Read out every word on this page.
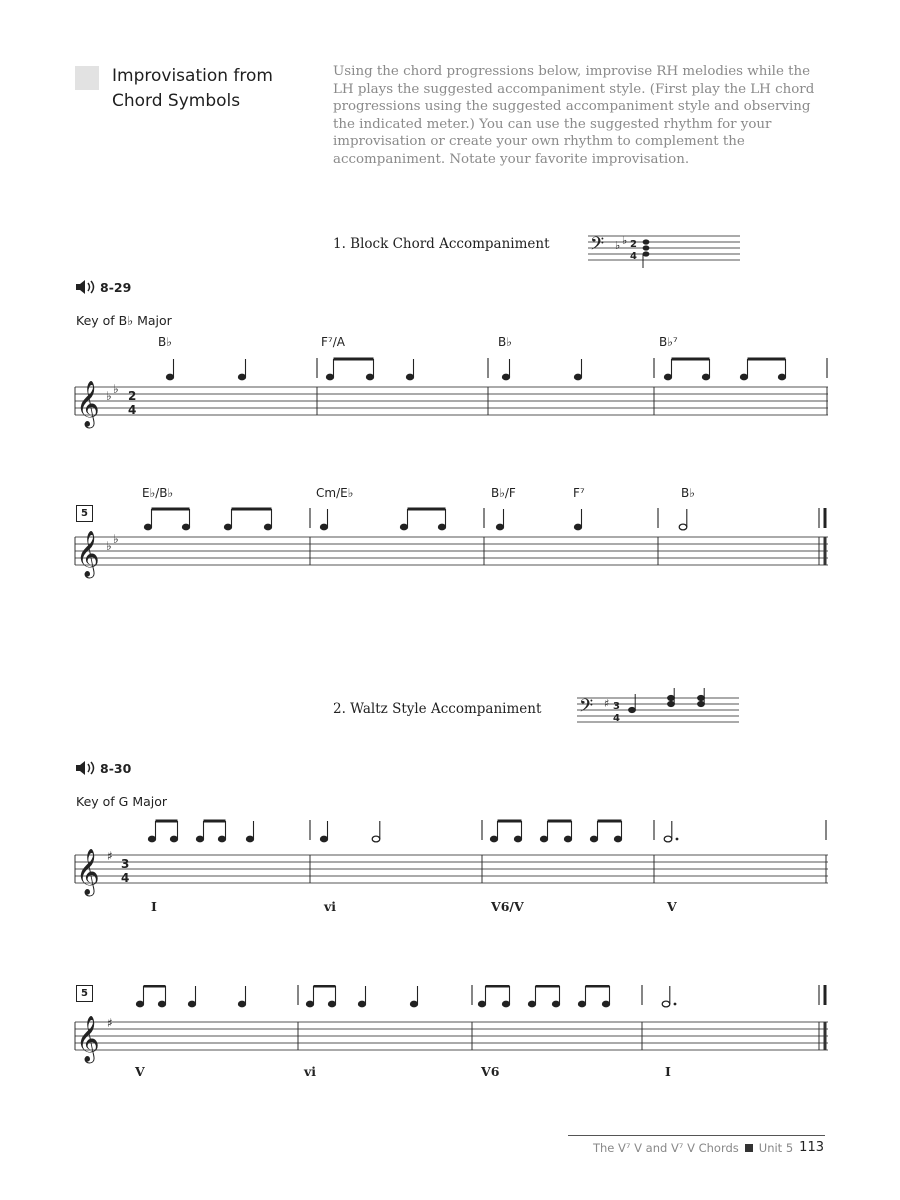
Improvisation from
Chord Symbols
Using the chord progressions below, improvise RH melodies while the LH plays the suggested accompaniment style. (First play the LH chord progressions using the suggested accompaniment style and observing the indicated meter.) You can use the suggested rhythm for your improvisation or create your own rhythm to complement the accompaniment. Notate your favorite improvisation.
1. Block Chord Accompaniment 𝄢 ♭ ♭ 2
4
8-29
Key of B♭ Major
B♭	F⁷/A	B♭	B♭⁷
𝄞 ♭ ♭ 2
4
5
E♭/B♭	Cm/E♭	B♭/F	F⁷	B♭
𝄞 ♭ ♭
2. Waltz Style Accompaniment 𝄢 ♯ 3
4
8-30
Key of G Major
𝄞 ♯
3
4
I	vi	V6/V	V
5
𝄞 ♯
V	vi	V6	I
The V⁷ V and V⁷ V Chords Unit 5 113
